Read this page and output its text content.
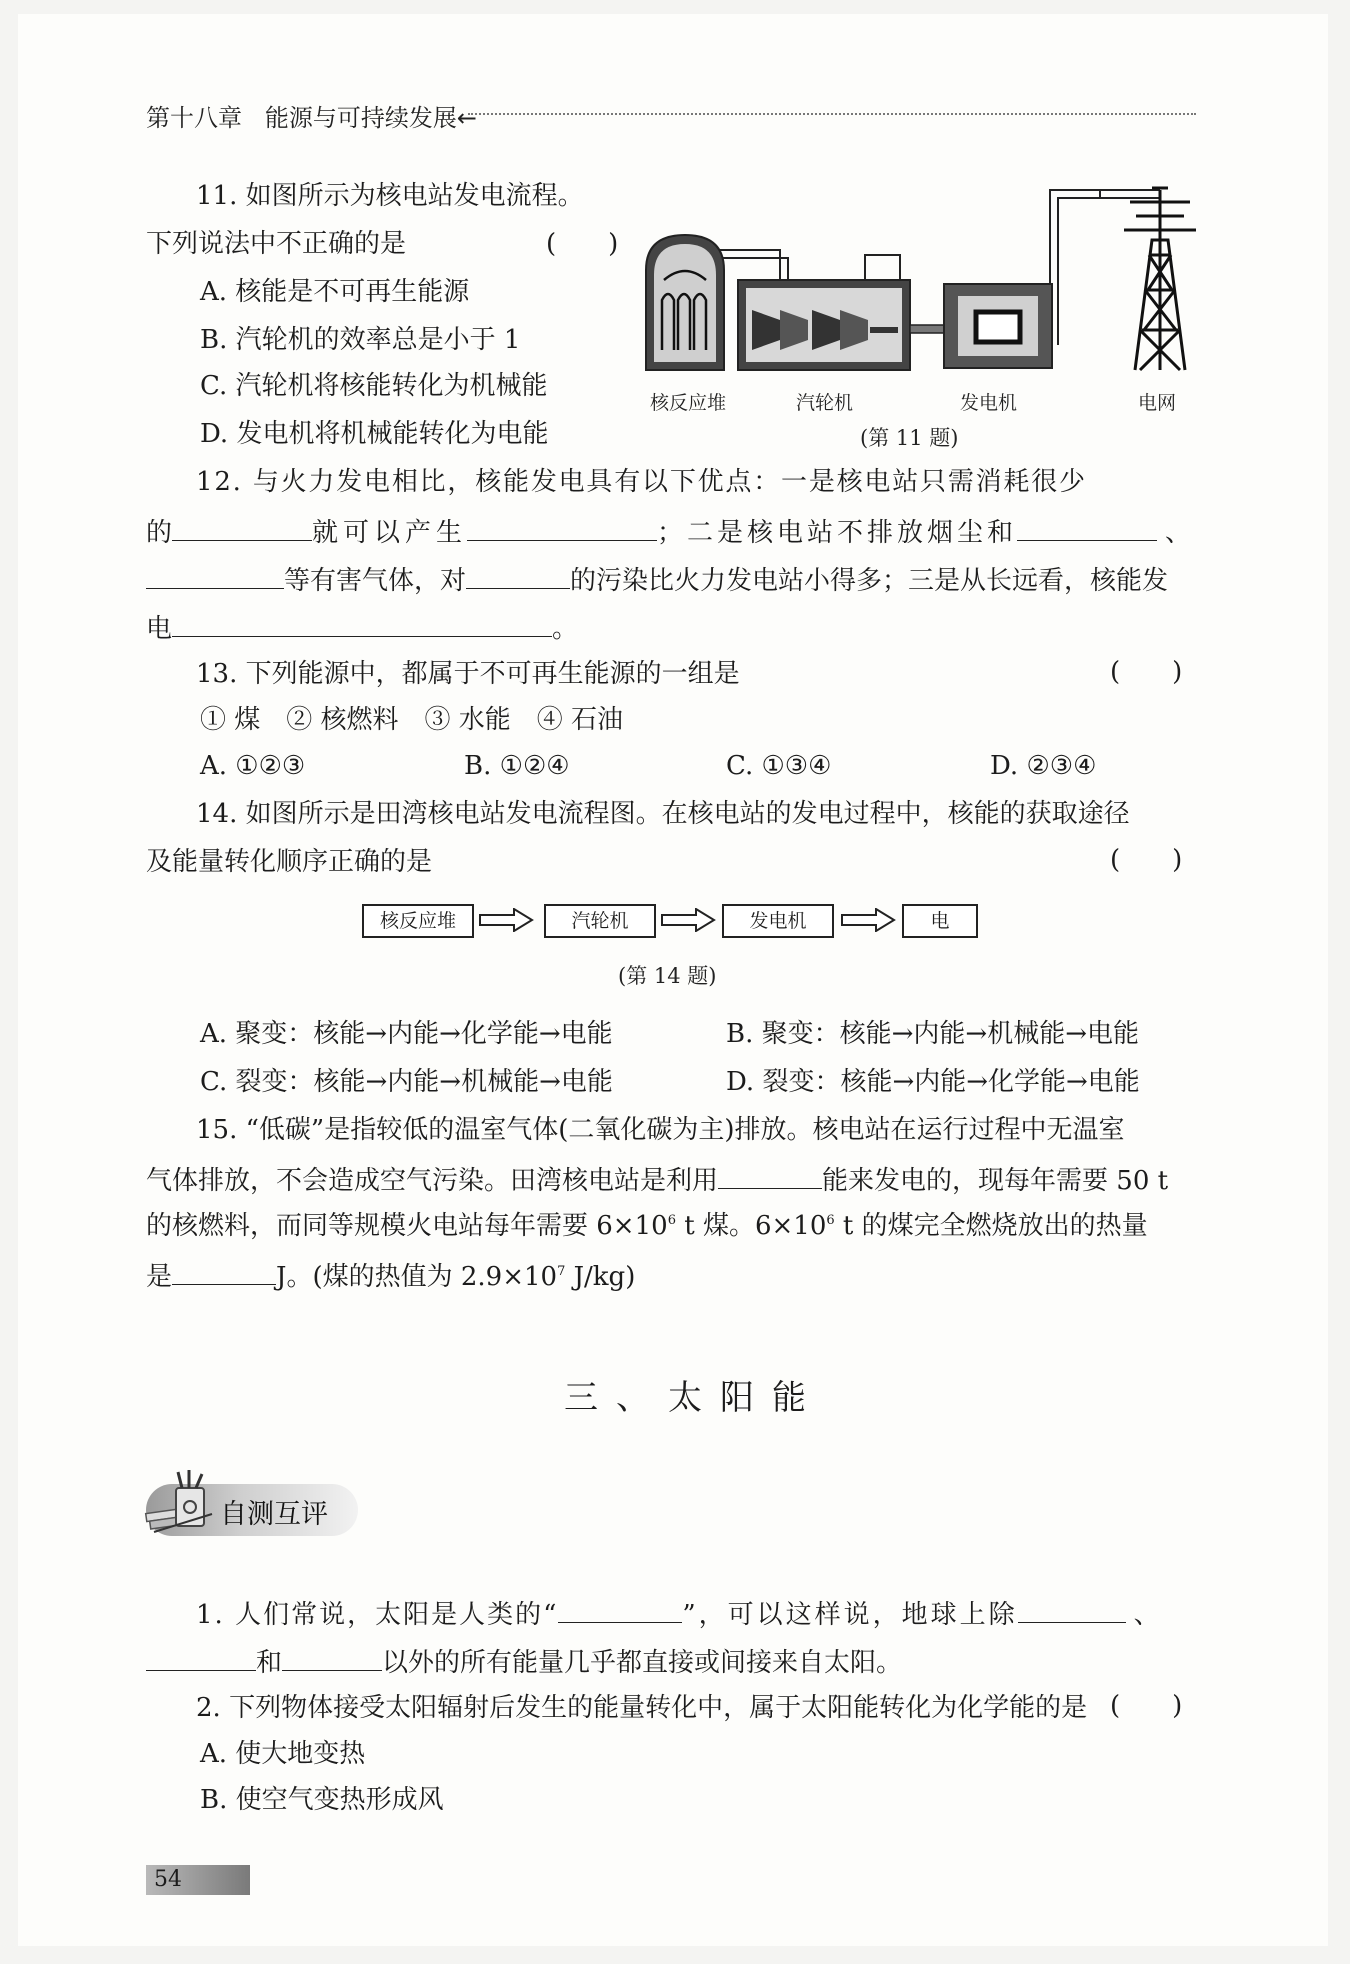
第十八章 能源与可持续发展←
11. 如图所示为核电站发电流程。
下列说法中不正确的是	(　　)
A. 核能是不可再生能源
B. 汽轮机的效率总是小于 1
C. 汽轮机将核能转化为机械能
D. 发电机将机械能转化为电能
核反应堆	汽轮机	发电机	电网
(第 11 题)
12. 与火力发电相比，核能发电具有以下优点：一是核电站只需消耗很少
的	就可以产生	；二是核电站不排放烟尘和	、
等有害气体，对	的污染比火力发电站小得多；三是从长远看，核能发
电	。
13. 下列能源中，都属于不可再生能源的一组是	(　　)
① 煤　② 核燃料　③ 水能　④ 石油
A. ①②③	B. ①②④	C. ①③④	D. ②③④
14. 如图所示是田湾核电站发电流程图。在核电站的发电过程中，核能的获取途径
及能量转化顺序正确的是	(　　)
核反应堆	汽轮机	发电机	电
(第 14 题)
A. 聚变：核能→内能→化学能→电能	B. 聚变：核能→内能→机械能→电能
C. 裂变：核能→内能→机械能→电能	D. 裂变：核能→内能→化学能→电能
15. “低碳”是指较低的温室气体(二氧化碳为主)排放。核电站在运行过程中无温室
气体排放，不会造成空气污染。田湾核电站是利用	能来发电的，现每年需要 50 t
的核燃料，而同等规模火电站每年需要 $6\times 10^6$ t 煤。$6\times 10^6$ t 的煤完全燃烧放出的热量
是	J。(煤的热值为 $2.9\times 10^7$ J/kg)
三、太阳能
自测互评
1. 人们常说，太阳是人类的“	”，可以这样说，地球上除	、
和	以外的所有能量几乎都直接或间接来自太阳。
2. 下列物体接受太阳辐射后发生的能量转化中，属于太阳能转化为化学能的是 (　　)
A. 使大地变热
B. 使空气变热形成风
54
